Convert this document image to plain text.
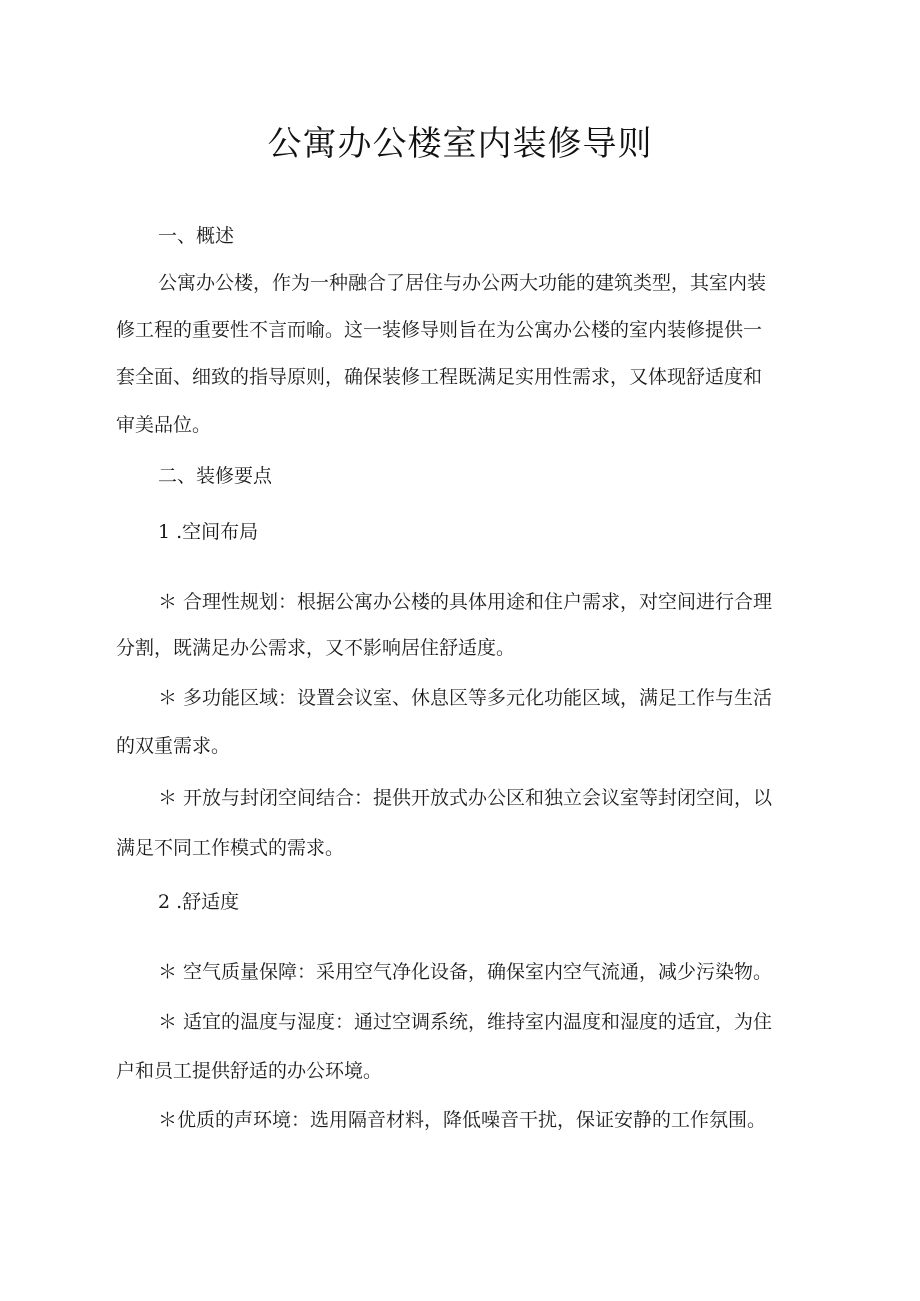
公寓办公楼室内装修导则
一、概述
公寓办公楼，作为一种融合了居住与办公两大功能的建筑类型，其室内装
修工程的重要性不言而喻。这一装修导则旨在为公寓办公楼的室内装修提供一
套全面、细致的指导原则，确保装修工程既满足实用性需求，又体现舒适度和
审美品位。
二、装修要点
1 .空间布局
＊ 合理性规划：根据公寓办公楼的具体用途和住户需求，对空间进行合理
分割，既满足办公需求，又不影响居住舒适度。
＊ 多功能区域：设置会议室、休息区等多元化功能区域，满足工作与生活
的双重需求。
＊ 开放与封闭空间结合：提供开放式办公区和独立会议室等封闭空间，以
满足不同工作模式的需求。
2 .舒适度
＊ 空气质量保障：采用空气净化设备，确保室内空气流通，减少污染物。
＊ 适宜的温度与湿度：通过空调系统，维持室内温度和湿度的适宜，为住
户和员工提供舒适的办公环境。
＊优质的声环境：选用隔音材料，降低噪音干扰，保证安静的工作氛围。
